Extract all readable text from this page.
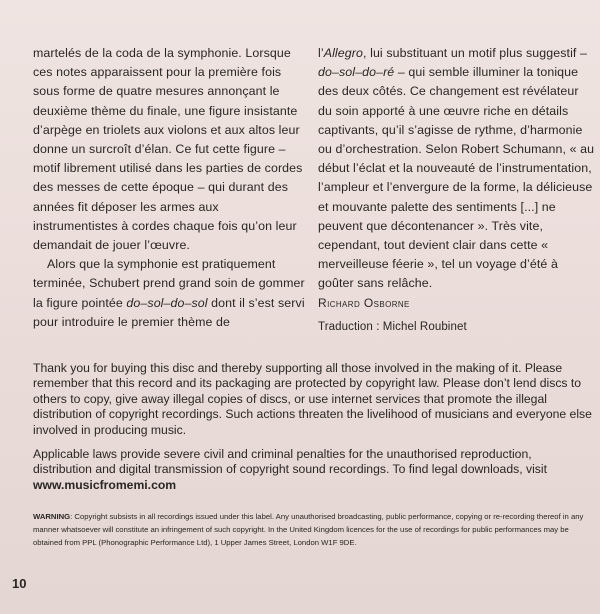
martelés de la coda de la symphonie. Lorsque ces notes apparaissent pour la première fois sous forme de quatre mesures annonçant le deuxième thème du finale, une figure insistante d’arpège en triolets aux violons et aux altos leur donne un surcroît d’élan. Ce fut cette figure – motif librement utilisé dans les parties de cordes des messes de cette époque – qui durant des années fit déposer les armes aux instrumentistes à cordes chaque fois qu’on leur demandait de jouer l’œuvre.

Alors que la symphonie est pratiquement terminée, Schubert prend grand soin de gommer la figure pointée do–sol–do–sol dont il s’est servi pour introduire le premier thème de

l’Allegro, lui substituant un motif plus suggestif – do–sol–do–ré – qui semble illuminer la tonique des deux côtés. Ce changement est révélateur du soin apporté à une œuvre riche en détails captivants, qu’il s’agisse de rythme, d’harmonie ou d’orchestration. Selon Robert Schumann, « au début l’éclat et la nouveauté de l’instrumentation, l’ampleur et l’envergure de la forme, la délicieuse et mouvante palette des sentiments [...] ne peuvent que décontenancer ». Très vite, cependant, tout devient clair dans cette « merveilleuse féerie », tel un voyage d’été à goûter sans relâche.

Richard Osborne
Traduction : Michel Roubinet

Thank you for buying this disc and thereby supporting all those involved in the making of it. Please remember that this record and its packaging are protected by copyright law. Please don’t lend discs to others to copy, give away illegal copies of discs, or use internet services that promote the illegal distribution of copyright recordings. Such actions threaten the livelihood of musicians and everyone else involved in producing music.

Applicable laws provide severe civil and criminal penalties for the unauthorised reproduction, distribution and digital transmission of copyright sound recordings. To find legal downloads, visit
www.musicfromemi.com

WARNING: Copyright subsists in all recordings issued under this label. Any unauthorised broadcasting, public performance, copying or re-recording thereof in any manner whatsoever will constitute an infringement of such copyright. In the United Kingdom licences for the use of recordings for public performances may be obtained from PPL (Phonographic Performance Ltd), 1 Upper James Street, London W1F 9DE.
10
